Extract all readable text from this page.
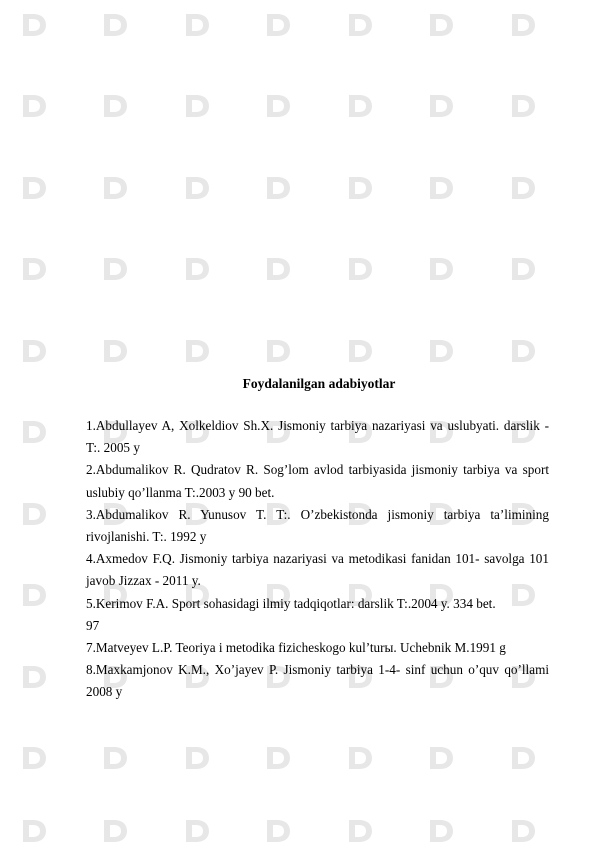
Foydalanilgan adabiyotlar
1.Abdullayev A, Xolkeldiov Sh.X. Jismoniy tarbiya nazariyasi va uslubyati. darslik - T:. 2005 y
2.Abdumalikov R. Qudratov R. Sog’lom avlod tarbiyasida jismoniy tarbiya va sport uslubiy qo’llanma T:.2003 y 90 bet.
3.Abdumalikov R. Yunusov T. T:. O’zbekistonda jismoniy tarbiya ta’limining rivojlanishi. T:. 1992 y
4.Axmedov F.Q. Jismoniy tarbiya nazariyasi va metodikasi fanidan 101- savolga 101 javob Jizzax - 2011 y.
5.Kerimov F.A. Sport sohasidagi ilmiy tadqiqotlar: darslik T:.2004 y. 334 bet.
97
7.Matveyev L.P. Teoriya i metodika fizicheskogo kul’turы. Uchebnik M.1991 g
8.Maxkamjonov K.M., Xo’jayev P. Jismoniy tarbiya 1-4- sinf uchun o’quv qo’llami 2008 y
